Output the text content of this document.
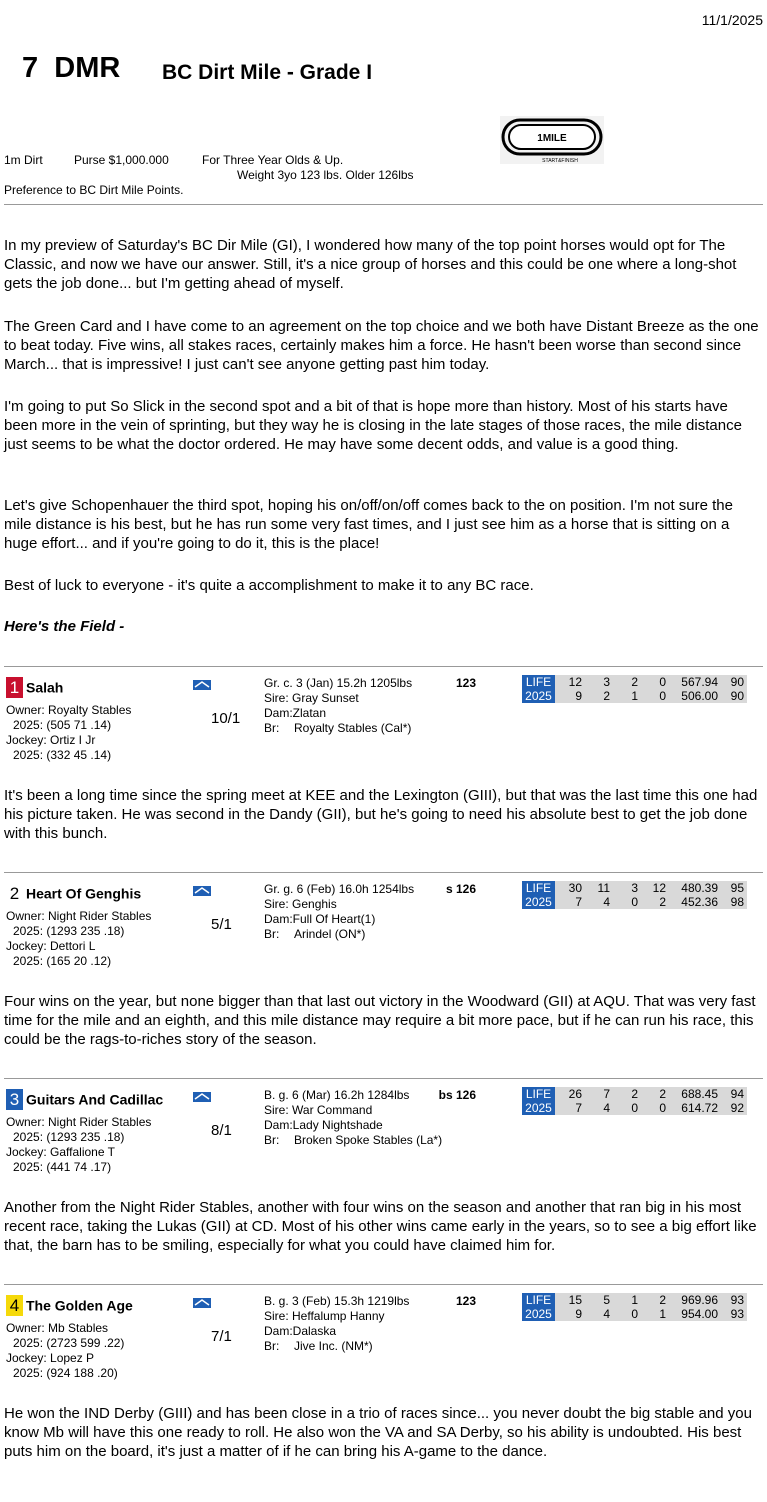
11/1/2025
7 DMR BC Dirt Mile - Grade I
1MILE
START&FINISH
1m Dirt	Purse $1,000.000	For Three Year Olds & Up.
Weight 3yo 123 lbs. Older 126lbs
Preference to BC Dirt Mile Points.
In my preview of Saturday's BC Dir Mile (GI), I wondered how many of the top point horses would opt for The Classic, and now we have our answer. Still, it's a nice group of horses and this could be one where a long-shot gets the job done... but I'm getting ahead of myself.
The Green Card and I have come to an agreement on the top choice and we both have Distant Breeze as the one to beat today. Five wins, all stakes races, certainly makes him a force. He hasn't been worse than second since March... that is impressive! I just can't see anyone getting past him today.
I'm going to put So Slick in the second spot and a bit of that is hope more than history. Most of his starts have been more in the vein of sprinting, but they way he is closing in the late stages of those races, the mile distance just seems to be what the doctor ordered. He may have some decent odds, and value is a good thing.
Let's give Schopenhauer the third spot, hoping his on/off/on/off comes back to the on position. I'm not sure the mile distance is his best, but he has run some very fast times, and I just see him as a horse that is sitting on a huge effort... and if you're going to do it, this is the place!
Best of luck to everyone - it's quite a accomplishment to make it to any BC race.
Here's the Field -
1 Salah
Owner: Royalty Stables
2025: (505 71 .14)
Jockey: Ortiz I Jr
2025: (332 45 .14)
10/1
Gr. c. 3 (Jan) 15.2h 1205lbs
Sire: Gray Sunset
Dam:Zlatan
Br: Royalty Stables (Cal*)
123	LIFE	12	3	2	0	567.94	90
2025	9	2	1	0	506.00	90
2 Heart Of Genghis
Owner: Night Rider Stables
2025: (1293 235 .18)
Jockey: Dettori L
2025: (165 20 .12)
5/1
Gr. g. 6 (Feb) 16.0h 1254lbs
Sire: Genghis
Dam:Full Of Heart(1)
Br: Arindel (ON*)
s 126	LIFE	30	11	3	12	480.39	95
2025	7	4	0	2	452.36	98
3 Guitars And Cadillac
Owner: Night Rider Stables
2025: (1293 235 .18)
Jockey: Gaffalione T
2025: (441 74 .17)
8/1
B. g. 6 (Mar) 16.2h 1284lbs
Sire: War Command
Dam:Lady Nightshade
Br: Broken Spoke Stables (La*)
bs 126	LIFE	26	7	2	2	688.45	94
2025	7	4	0	0	614.72	92
4 The Golden Age
Owner: Mb Stables
2025: (2723 599 .22)
Jockey: Lopez P
2025: (924 188 .20)
7/1
B. g. 3 (Feb) 15.3h 1219lbs
Sire: Heffalump Hanny
Dam:Dalaska
Br: Jive Inc. (NM*)
123	LIFE	15	5	1	2	969.96	93
2025	9	4	0	1	954.00	93
It's been a long time since the spring meet at KEE and the Lexington (GIII), but that was the last time this one had his picture taken. He was second in the Dandy (GII), but he's going to need his absolute best to get the job done with this bunch.
Four wins on the year, but none bigger than that last out victory in the Woodward (GII) at AQU. That was very fast time for the mile and an eighth, and this mile distance may require a bit more pace, but if he can run his race, this could be the rags-to-riches story of the season.
Another from the Night Rider Stables, another with four wins on the season and another that ran big in his most recent race, taking the Lukas (GII) at CD. Most of his other wins came early in the years, so to see a big effort like that, the barn has to be smiling, especially for what you could have claimed him for.
He won the IND Derby (GIII) and has been close in a trio of races since... you never doubt the big stable and you know Mb will have this one ready to roll. He also won the VA and SA Derby, so his ability is undoubted. His best puts him on the board, it's just a matter of if he can bring his A-game to the dance.
